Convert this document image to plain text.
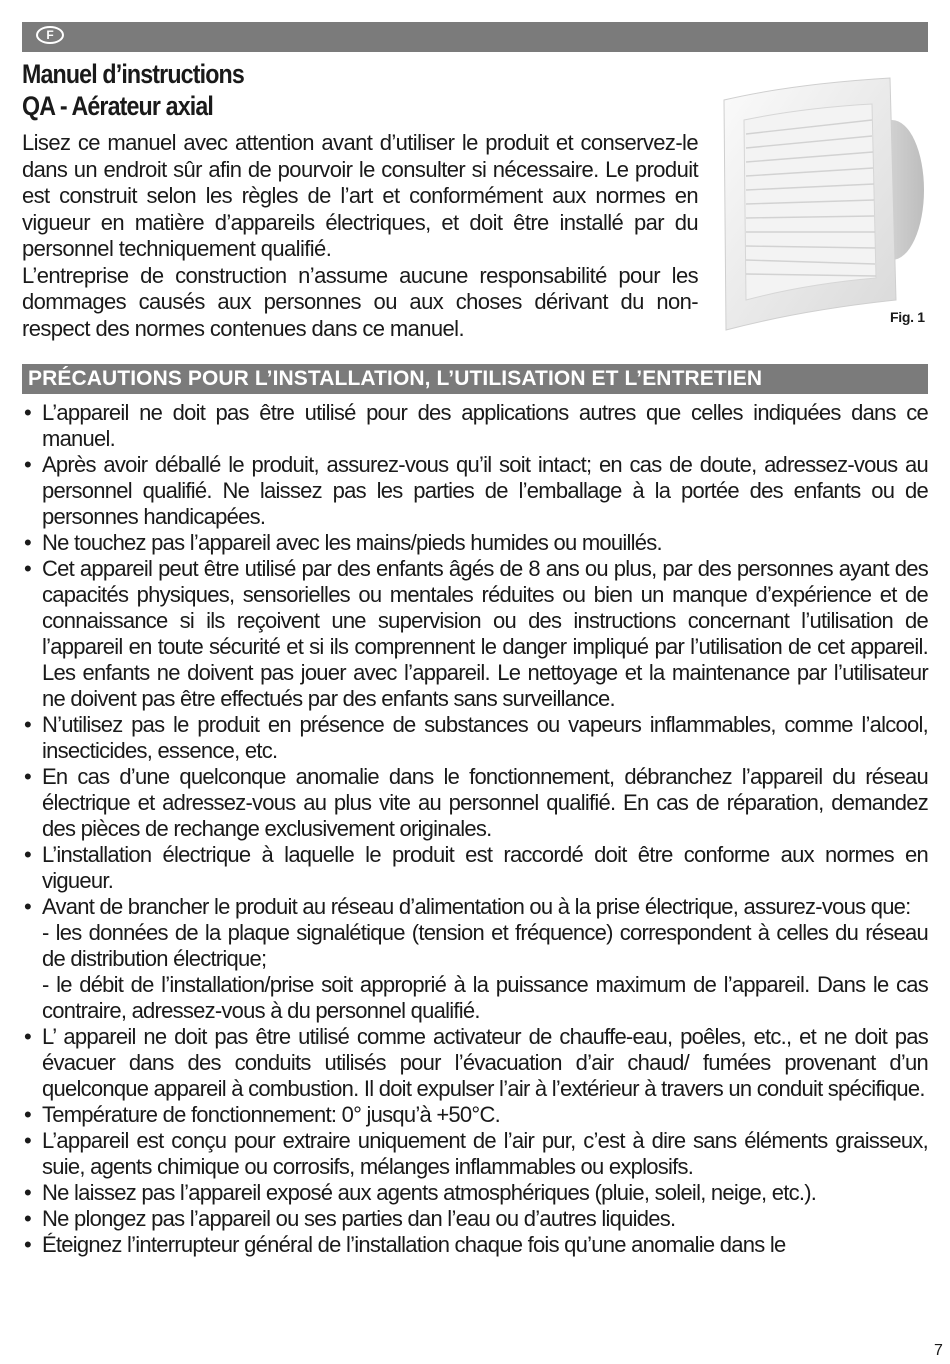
F
Manuel d’instructions
QA - Aérateur axial

Lisez ce manuel avec attention avant d’utiliser le produit et conservez-le dans un endroit sûr afin de pourvoir le consulter si nécessaire. Le produit est construit selon les règles de l’art et conformément aux normes en vigueur en matière d’appareils électriques, et doit être installé par du personnel techniquement qualifié.

L’entreprise de construction n’assume aucune responsabilité pour les dommages causés aux personnes ou aux choses dérivant du non-respect des normes contenues dans ce manuel.	Fig. 1
PRÉCAUTIONS POUR L’INSTALLATION, L’UTILISATION ET L’ENTRETIEN
• L’appareil ne doit pas être utilisé pour des applications autres que celles indiquées dans ce manuel.
• Après avoir déballé le produit, assurez-vous qu’il soit intact; en cas de doute, adressez-vous au personnel qualifié. Ne laissez pas les parties de l’emballage à la portée des enfants ou de personnes handicapées.
• Ne touchez pas l’appareil avec les mains/pieds humides ou mouillés.
• Cet appareil peut être utilisé par des enfants âgés de 8 ans ou plus, par des personnes ayant des capacités physiques, sensorielles ou mentales réduites ou bien un manque d’expérience et de connaissance si ils reçoivent une supervision ou des instructions concernant l’utilisation de l’appareil en toute sécurité et si ils comprennent le danger impliqué par l’utilisation de cet appareil. Les enfants ne doivent pas jouer avec l’appareil. Le nettoyage et la maintenance par l’utilisateur ne doivent pas être effectués par des enfants sans surveillance.
• N’utilisez pas le produit en présence de substances ou vapeurs inflammables, comme l’alcool, insecticides, essence, etc.
• En cas d’une quelconque anomalie dans le fonctionnement, débranchez l’appareil du réseau électrique et adressez-vous au plus vite au personnel qualifié. En cas de réparation, demandez des pièces de rechange exclusivement originales.
• L’installation électrique à laquelle le produit est raccordé doit être conforme aux normes en vigueur.
• Avant de brancher le produit au réseau d’alimentation ou à la prise électrique, assurez-vous que:
- les données de la plaque signalétique (tension et fréquence) correspondent à celles du réseau de distribution électrique;
- le débit de l’installation/prise soit approprié à la puissance maximum de l’appareil. Dans le cas contraire, adressez-vous à du personnel qualifié.
• L’ appareil ne doit pas être utilisé comme activateur de chauffe-eau, poêles, etc., et ne doit pas évacuer dans des conduits utilisés pour l’évacuation d’air chaud/ fumées provenant d’un quelconque appareil à combustion. Il doit expulser l’air à l’extérieur à travers un conduit spécifique.
• Température de fonctionnement: 0° jusqu’à +50°C.
• L’appareil est conçu pour extraire uniquement de l’air pur, c’est à dire sans éléments graisseux, suie, agents chimique ou corrosifs, mélanges inflammables ou explosifs.
• Ne laissez pas l’appareil exposé aux agents atmosphériques (pluie, soleil, neige, etc.).
• Ne plongez pas l’appareil ou ses parties dan l’eau ou d’autres liquides.
• Éteignez l’interrupteur général de l’installation chaque fois qu’une anomalie dans le
7
